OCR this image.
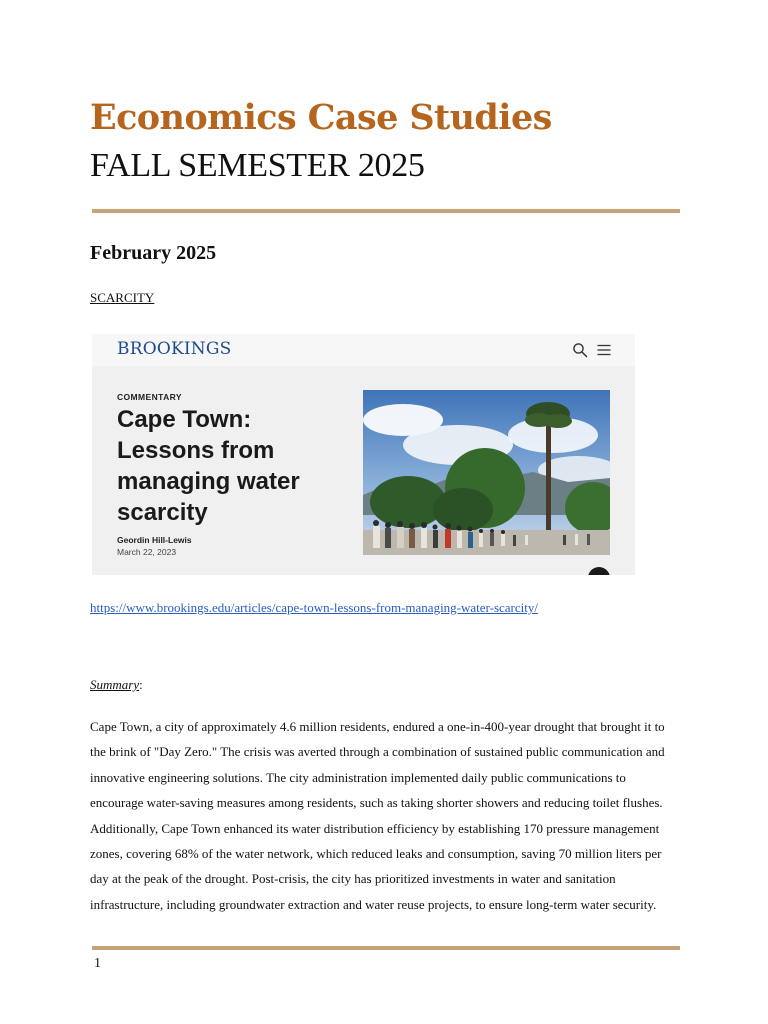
Economics Case Studies
FALL SEMESTER 2025
February 2025
SCARCITY
BROOKINGS
COMMENTARY
Cape Town: Lessons from managing water scarcity
Geordin Hill-Lewis
March 22, 2023
https://www.brookings.edu/articles/cape-town-lessons-from-managing-water-scarcity/
Summary:

Cape Town, a city of approximately 4.6 million residents, endured a one-in-400-year drought that brought it to the brink of "Day Zero." The crisis was averted through a combination of sustained public communication and innovative engineering solutions. The city administration implemented daily public communications to encourage water-saving measures among residents, such as taking shorter showers and reducing toilet flushes. Additionally, Cape Town enhanced its water distribution efficiency by establishing 170 pressure management zones, covering 68% of the water network, which reduced leaks and consumption, saving 70 million liters per day at the peak of the drought. Post-crisis, the city has prioritized investments in water and sanitation infrastructure, including groundwater extraction and water reuse projects, to ensure long-term water security.

1
